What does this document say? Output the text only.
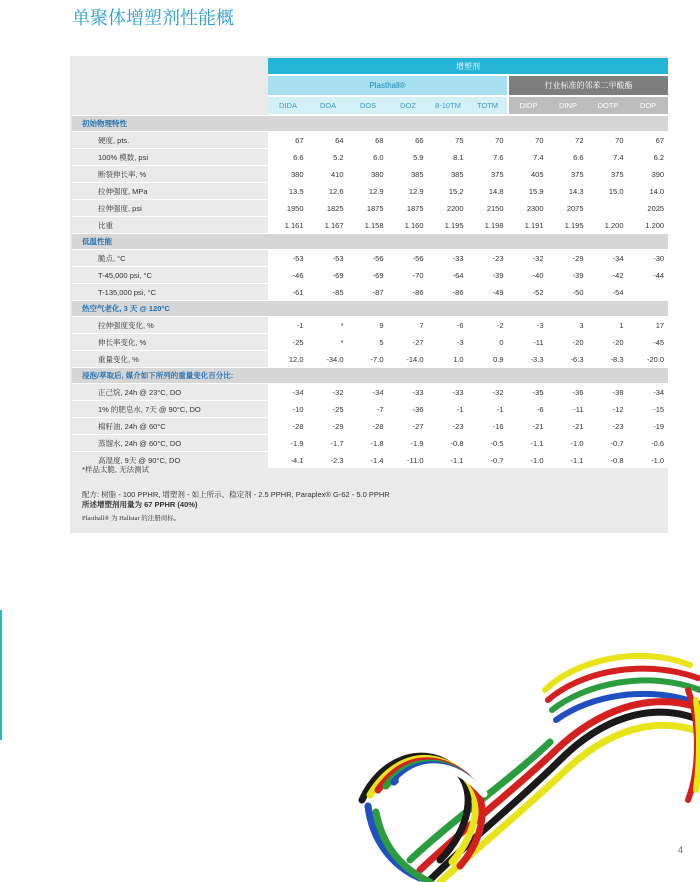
单聚体增塑剂性能概
	增塑剂									
	Plasthall®						行业标准的邻苯二甲酸酯			
	DIDA	DOA	DOS	DOZ	8-10TM	TOTM	DIDP	DINP	DOTP	DOP
初始物理特性										
硬度, pts.	67	64	68	66	75	70	70	72	70	67
100% 模数, psi	6.6	5.2	6.0	5.9	8.1	7.6	7.4	6.6	7.4	6.2
断裂伸长率, %	380	410	380	385	385	375	405	375	375	390
拉伸强度, MPa	13.5	12.6	12.9	12.9	15.2	14.8	15.9	14.3	15.0	14.0
拉伸强度, psi	1950	1825	1875	1875	2200	2150	2300	2075		2025
比重	1.161	1.167	1.158	1.160	1.195	1.198	1.191	1.195	1.200	1.200
低温性能										
脆点, °C	-53	-53	-56	-56	-33	-23	-32	-29	-34	-30
T-45,000 psi, °C	-46	-69	-69	-70	-64	-39	-40	-39	-42	-44
T-135,000 psi, °C	-61	-85	-87	-86	-86	-49	-52	-50	-54	
热空气老化, 3 天 @ 120°C										
拉伸强度变化, %	-1	*	9	7	-6	-2	-3	3	1	17
伸长率变化, %	-25	*	5	-27	-3	0	-11	-20	-20	-45
重量变化, %	12.0	-34.0	-7.0	-14.0	1.0	0.9	-3.3	-6.3	-8.3	-20.0
浸泡/萃取后, 媒介如下所列的重量变化百分比:										
正己烷, 24h @ 23°C, DO	-34	-32	-34	-33	-33	-32	-35	-36	-38	-34
1% 的肥皂水, 7天 @ 90°C, DO	-10	-25	-7	-36	-1	-1	-6	-11	-12	-15
棉籽油, 24h @ 60°C	-28	-29	-28	-27	-23	-16	-21	-21	-23	-19
蒸馏水, 24h @ 60°C, DO	-1.9	-1.7	-1.8	-1.9	-0.8	-0.5	-1.1	-1.0	-0.7	-0.6
高湿度, 9天 @ 90°C, DO	-4.1	-2.3	-1.4	-11.0	-1.1	-0.7	-1.0	-1.1	-0.8	-1.0
*样品太脆, 无法测试
配方: 树脂 - 100 PPHR, 增塑剂 - 如上所示、稳定剂 - 2.5 PPHR, Paraplex® G-62 - 5.0 PPHR
所述增塑剂用量为 67 PPHR (40%)
Plasthall® 为 Hallstar 的注册商标。
4
